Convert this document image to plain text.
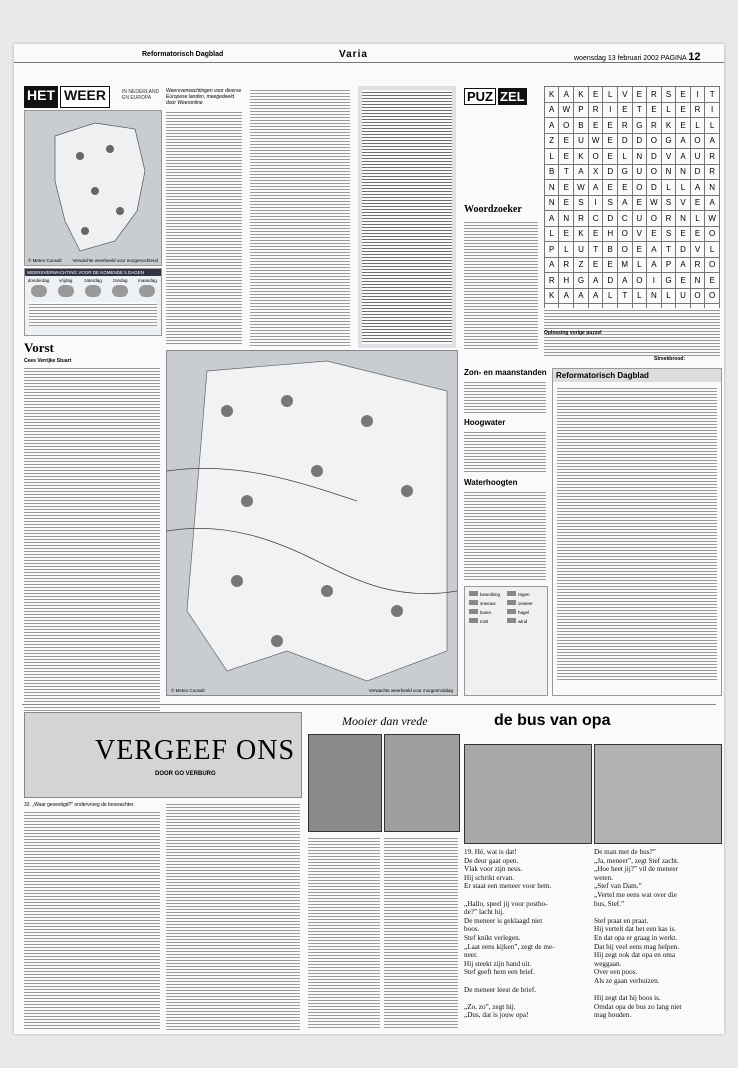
Reformatorisch Dagblad	Varia	woensdag 13 februari 2002 PAGINA 12
HET WEER	IN NEDERLAND EN EUROPA
© Meteo Consult Verwachte weerbeeld voor morgenochtend
WEERSVERWACHTING VOOR DE KOMENDE 5 DAGEN
donderdag	vrijdag	zaterdag	zondag	maandag
Vorst
Cees Verrijke Stuart
Weersverwachtingen voor diverse Europese landen, meegedeeld door Weeronline
© Meteo Consult	Verwachte weerbeeld voor morgenmiddag
PUZ ZEL	K	A	K	E	L	V	E	R	S	E	I	T
A	W	P	R	I	E	T	E	L	E	R	I
A	O	B	E	E	R	G	R	K	E	L	L
Z	E	U	W	E	D	D	O	G	A	O	A
L	E	K	O	E	L	N	D	V	A	U	R
B	T	A	X	D	G	U	O	N	N	D	R
N	E	W	A	E	E	O	D	L	L	A	N
N	E	S	I	S	A	E	W	S	V	E	A
A	N	R	C	D	C	U	O	R	N	L	W
L	E	K	E	H	O	V	E	S	E	E	O
P	L	U	T	B	O	E	A	T	D	V	L
A	R	Z	E	E	M	L	A	P	A	R	O
R	H	G	A	D	A	O	I	G	E	N	E
K	A	A	A	L	T	L	N	L	U	O	O

Woordzoeker
Oplossing vorige puzzel
Streekbrood:
Zon- en maanstanden
Hoogwater
Waterhoogten
bewolking	regen
sneeuw	onweer
buien	hagel
mist	wind
Reformatorisch Dagblad
VERGEEF ONS
DOOR GO VERBURG
32. „Waar gevestigd?” ondervroeg de boswachter.
Mooier dan vrede	de bus van opa
19. Hé, wat is dat!
De deur gaat open.
Vlak voor zijn neus.
Hij schrikt ervan.
Er staat een meneer voor hem.

„Hallo, speel jij voor postbo-
de?” lacht hij.
De meneer is geklaagd niet
boos.
Stef knikt verlegen.
„Laat eens kijken”, zegt de me-
neer.
Hij steekt zijn hand uit.
Stef geeft hem een brief.

De meneer leest de brief.

„Zo, zo”, zegt hij.
„Dus, dat is jouw opa!
De man met de bus?”
„Ja, meneer”, zegt Stef zacht.
„Hoe heet jij?” vil de meneer
weten.
„Stef van Dam.”
„Vertel me eens wat over die
bus, Stef.”

Stef praat en praat.
Hij vertelt dat het een kas is.
En dat opa er graag in werkt.
Dat hij veel eens mag helpen.
Hij zegt ook dat opa en oma
weggaan.
Over een poos.
Als ze gaan verhuizen.

Hij zegt dat hij boos is.
Omdat opa de bus zo lang niet
mag houden.
